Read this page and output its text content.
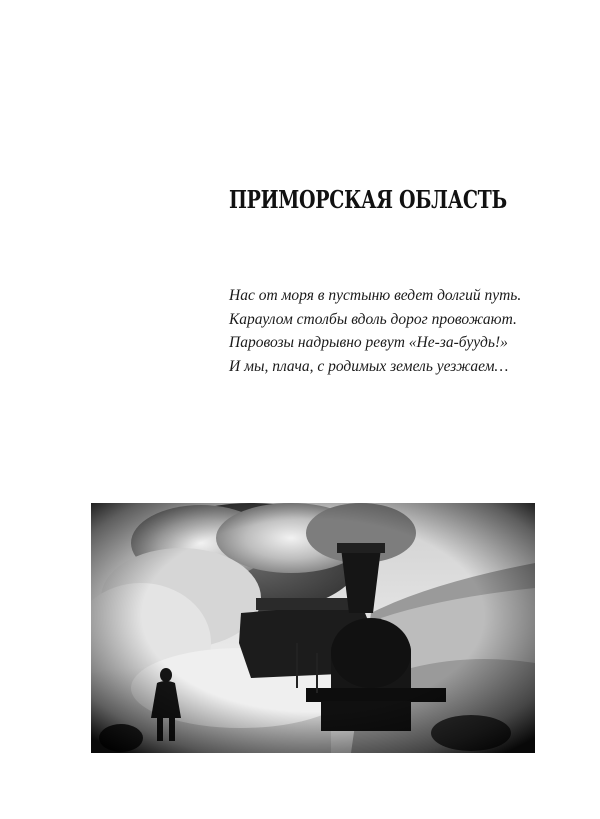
ПРИМОРСКАЯ ОБЛАСТЬ
Нас от моря в пустыню ведет долгий путь.
Караулом столбы вдоль дорог провожают.
Паровозы надрывно ревут «Не-за-буудь!»
И мы, плача, с родимых земель уезжаем…
